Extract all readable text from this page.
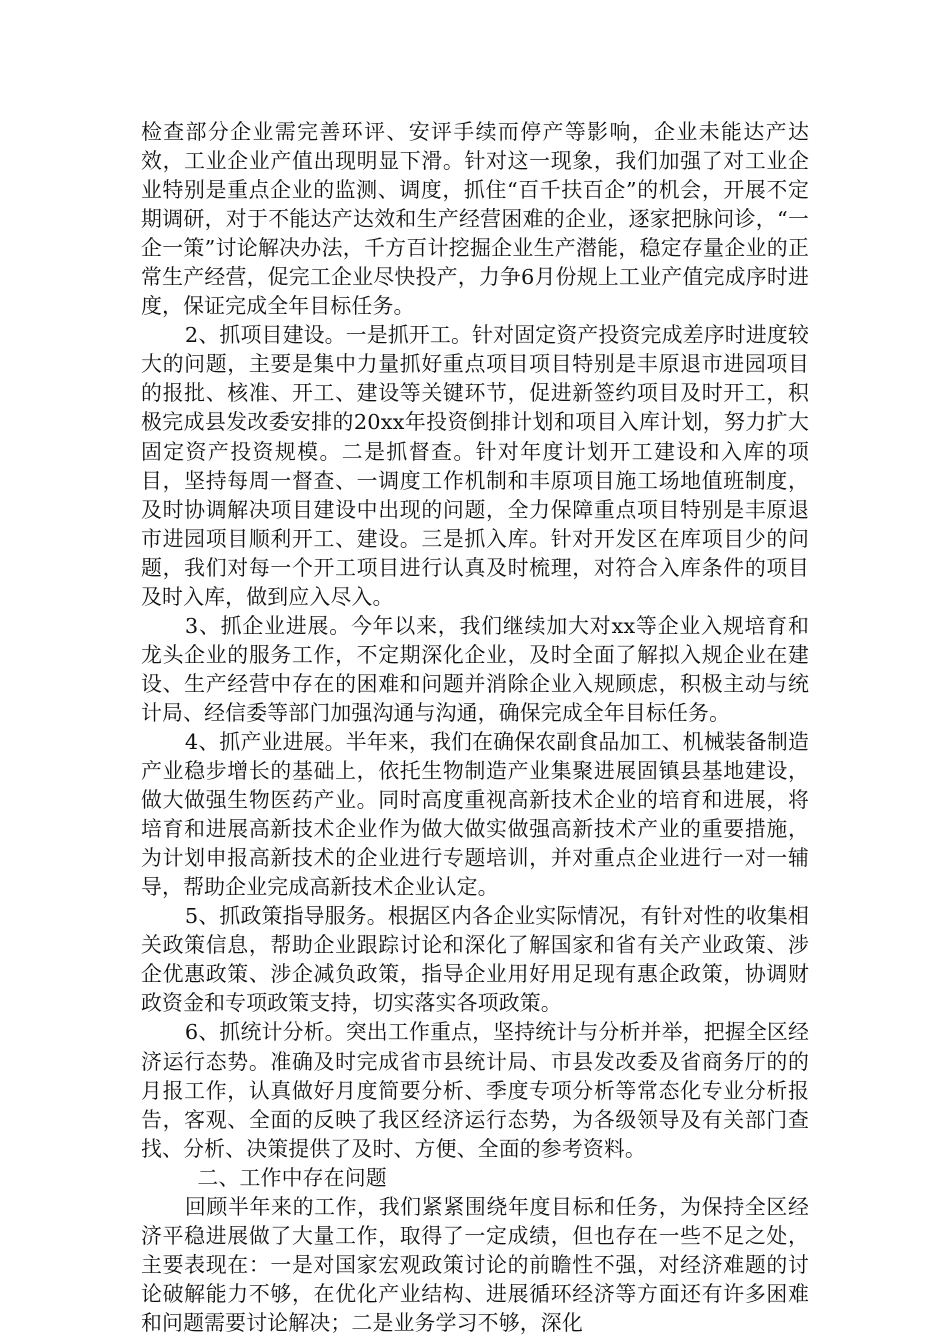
检查部分企业需完善环评、安评手续而停产等影响，企业未能达产达效，工业企业产值出现明显下滑。针对这一现象，我们加强了对工业企业特别是重点企业的监测、调度，抓住“百千扶百企”的机会，开展不定期调研，对于不能达产达效和生产经营困难的企业，逐家把脉问诊，“一企一策”讨论解决办法，千方百计挖掘企业生产潜能，稳定存量企业的正常生产经营，促完工企业尽快投产，力争6月份规上工业产值完成序时进度，保证完成全年目标任务。

2、抓项目建设。一是抓开工。针对固定资产投资完成差序时进度较大的问题，主要是集中力量抓好重点项目项目特别是丰原退市进园项目的报批、核准、开工、建设等关键环节，促进新签约项目及时开工，积极完成县发改委安排的20xx年投资倒排计划和项目入库计划，努力扩大固定资产投资规模。二是抓督查。针对年度计划开工建设和入库的项目，坚持每周一督查、一调度工作机制和丰原项目施工场地值班制度，及时协调解决项目建设中出现的问题，全力保障重点项目特别是丰原退市进园项目顺利开工、建设。三是抓入库。针对开发区在库项目少的问题，我们对每一个开工项目进行认真及时梳理，对符合入库条件的项目及时入库，做到应入尽入。

3、抓企业进展。今年以来，我们继续加大对xx等企业入规培育和龙头企业的服务工作，不定期深化企业，及时全面了解拟入规企业在建设、生产经营中存在的困难和问题并消除企业入规顾虑，积极主动与统计局、经信委等部门加强沟通与沟通，确保完成全年目标任务。

4、抓产业进展。半年来，我们在确保农副食品加工、机械装备制造产业稳步增长的基础上，依托生物制造产业集聚进展固镇县基地建设，做大做强生物医药产业。同时高度重视高新技术企业的培育和进展，将培育和进展高新技术企业作为做大做实做强高新技术产业的重要措施，为计划申报高新技术的企业进行专题培训，并对重点企业进行一对一辅导，帮助企业完成高新技术企业认定。

5、抓政策指导服务。根据区内各企业实际情况，有针对性的收集相关政策信息，帮助企业跟踪讨论和深化了解国家和省有关产业政策、涉企优惠政策、涉企减负政策，指导企业用好用足现有惠企政策，协调财政资金和专项政策支持，切实落实各项政策。

6、抓统计分析。突出工作重点，坚持统计与分析并举，把握全区经济运行态势。准确及时完成省市县统计局、市县发改委及省商务厅的的月报工作，认真做好月度简要分析、季度专项分析等常态化专业分析报告，客观、全面的反映了我区经济运行态势，为各级领导及有关部门查找、分析、决策提供了及时、方便、全面的参考资料。

二、工作中存在问题

回顾半年来的工作，我们紧紧围绕年度目标和任务，为保持全区经济平稳进展做了大量工作，取得了一定成绩，但也存在一些不足之处，主要表现在：一是对国家宏观政策讨论的前瞻性不强，对经济难题的讨论破解能力不够，在优化产业结构、进展循环经济等方面还有许多困难和问题需要讨论解决；二是业务学习不够，深化
